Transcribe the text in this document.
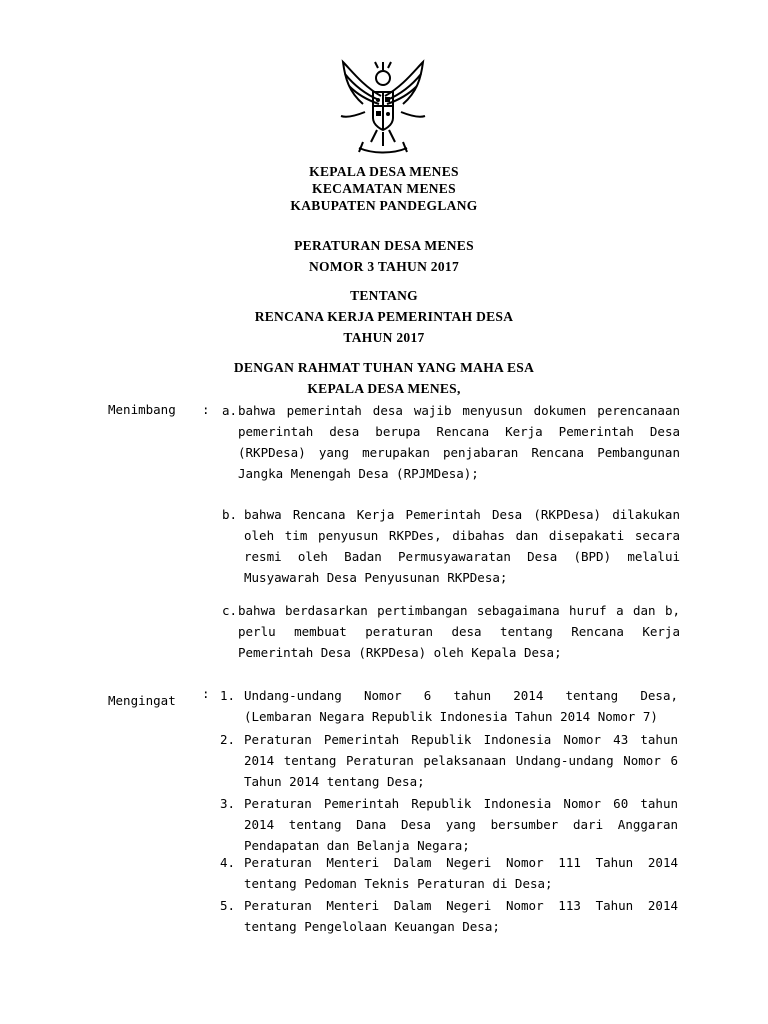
KEPALA DESA MENES
KECAMATAN MENES
KABUPATEN PANDEGLANG
PERATURAN DESA MENES
NOMOR 3 TAHUN 2017
TENTANG
RENCANA KERJA PEMERINTAH DESA
TAHUN 2017
DENGAN RAHMAT TUHAN YANG MAHA ESA
KEPALA DESA MENES,
Menimbang : a. bahwa pemerintah desa wajib menyusun dokumen perencanaan
pemerintah desa berupa Rencana Kerja Pemerintah Desa
(RKPDesa) yang merupakan penjabaran Rencana Pembangunan
Jangka Menengah Desa (RPJMDesa);
b. bahwa Rencana Kerja Pemerintah Desa (RKPDesa) dilakukan
oleh tim penyusun RKPDes, dibahas dan disepakati secara
resmi oleh Badan Permusyawaratan Desa (BPD) melalui
Musyawarah Desa Penyusunan RKPDesa;
c. bahwa berdasarkan pertimbangan sebagaimana huruf a dan b,
perlu membuat peraturan desa tentang Rencana Kerja
Pemerintah Desa (RKPDesa) oleh Kepala Desa;
Mengingat : 1. Undang-undang Nomor 6 tahun 2014 tentang Desa,
(Lembaran Negara Republik Indonesia Tahun 2014 Nomor 7)
2. Peraturan Pemerintah Republik Indonesia Nomor 43 tahun
2014 tentang Peraturan pelaksanaan Undang-undang Nomor 6
Tahun 2014 tentang Desa;
3. Peraturan Pemerintah Republik Indonesia Nomor 60 tahun
2014 tentang Dana Desa yang bersumber dari Anggaran
Pendapatan dan Belanja Negara;
4. Peraturan Menteri Dalam Negeri Nomor 111 Tahun 2014
tentang Pedoman Teknis Peraturan di Desa;
5. Peraturan Menteri Dalam Negeri Nomor 113 Tahun 2014
tentang Pengelolaan Keuangan Desa;
